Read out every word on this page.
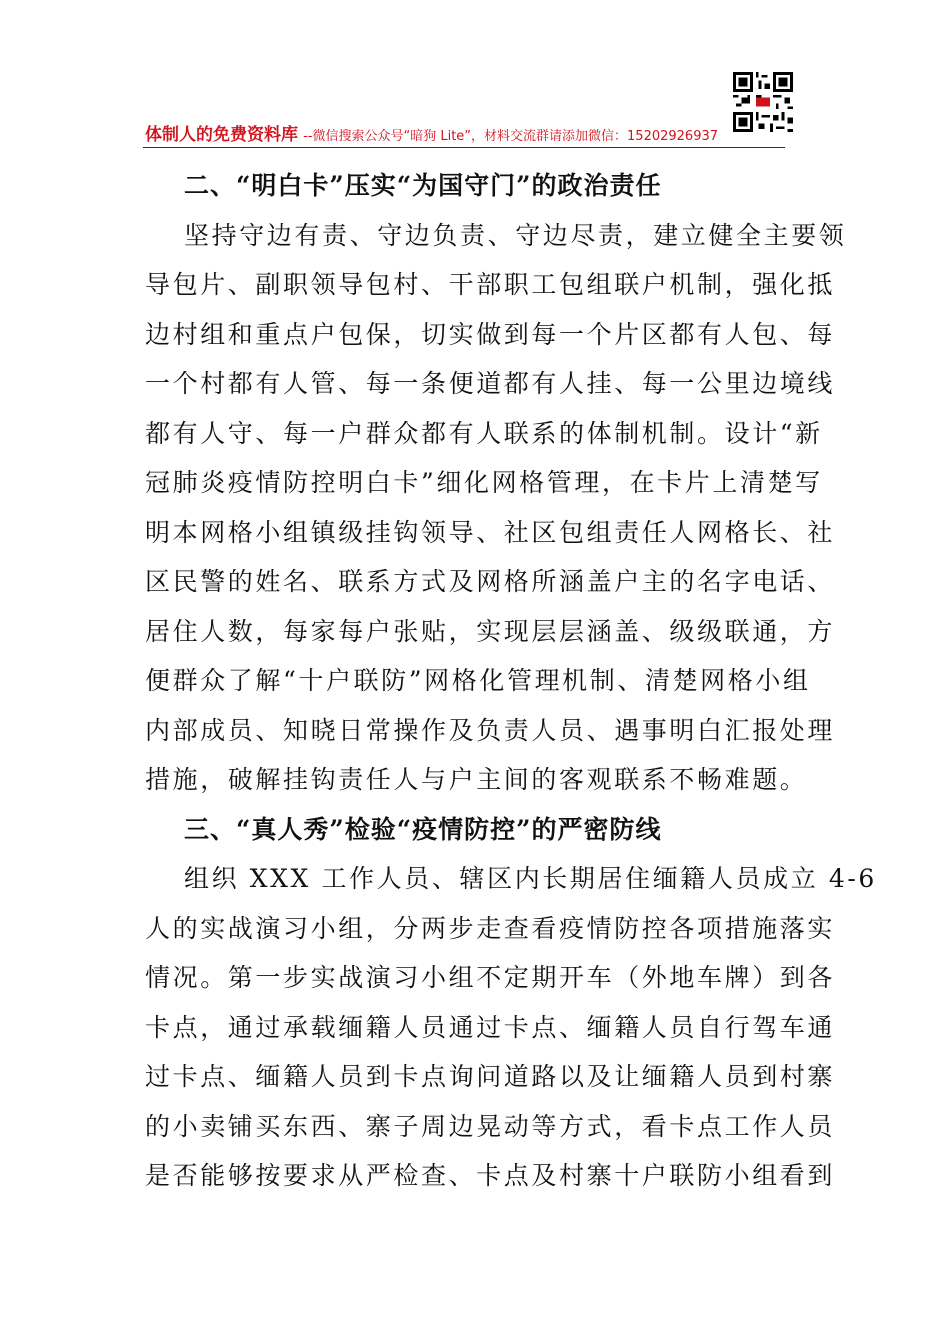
体制人的免费资料库 --微信搜索公众号“暗狗 Lite”，材料交流群请添加微信：15202926937
二、“明白卡”压实“为国守门”的政治责任
坚持守边有责、守边负责、守边尽责，建立健全主要领
导包片、副职领导包村、干部职工包组联户机制，强化抵
边村组和重点户包保，切实做到每一个片区都有人包、每
一个村都有人管、每一条便道都有人挂、每一公里边境线
都有人守、每一户群众都有人联系的体制机制。设计“新
冠肺炎疫情防控明白卡”细化网格管理，在卡片上清楚写
明本网格小组镇级挂钩领导、社区包组责任人网格长、社
区民警的姓名、联系方式及网格所涵盖户主的名字电话、
居住人数，每家每户张贴，实现层层涵盖、级级联通，方
便群众了解“十户联防”网格化管理机制、清楚网格小组
内部成员、知晓日常操作及负责人员、遇事明白汇报处理
措施，破解挂钩责任人与户主间的客观联系不畅难题。
三、“真人秀”检验“疫情防控”的严密防线
组织 XXX 工作人员、辖区内长期居住缅籍人员成立 4-6
人的实战演习小组，分两步走查看疫情防控各项措施落实
情况。第一步实战演习小组不定期开车（外地车牌）到各
卡点，通过承载缅籍人员通过卡点、缅籍人员自行驾车通
过卡点、缅籍人员到卡点询问道路以及让缅籍人员到村寨
的小卖铺买东西、寨子周边晃动等方式，看卡点工作人员
是否能够按要求从严检查、卡点及村寨十户联防小组看到
